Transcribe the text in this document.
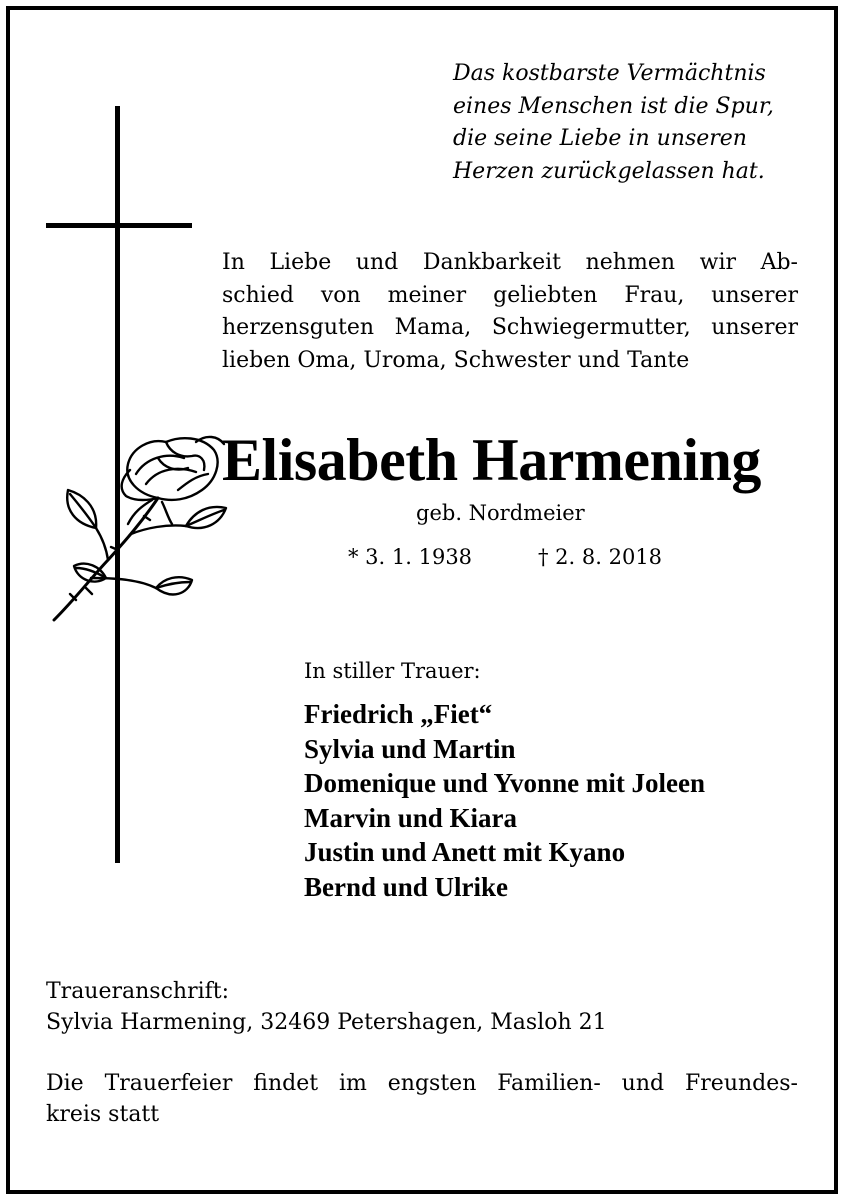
Das kostbarste Vermächtnis
eines Menschen ist die Spur,
die seine Liebe in unseren
Herzen zurückgelassen hat.

In Liebe und Dankbarkeit nehmen wir Ab-
schied von meiner geliebten Frau, unserer
herzensguten Mama, Schwiegermutter, unserer
lieben Oma, Uroma, Schwester und Tante

Elisabeth Harmening
geb. Nordmeier
* 3. 1. 1938	† 2. 8. 2018
In stiller Trauer:
Friedrich „Fiet“
Sylvia und Martin
Domenique und Yvonne mit Joleen
Marvin und Kiara
Justin und Anett mit Kyano
Bernd und Ulrike
Traueranschrift:
Sylvia Harmening, 32469 Petershagen, Masloh 21
Die Trauerfeier findet im engsten Familien- und Freundes-
kreis statt
